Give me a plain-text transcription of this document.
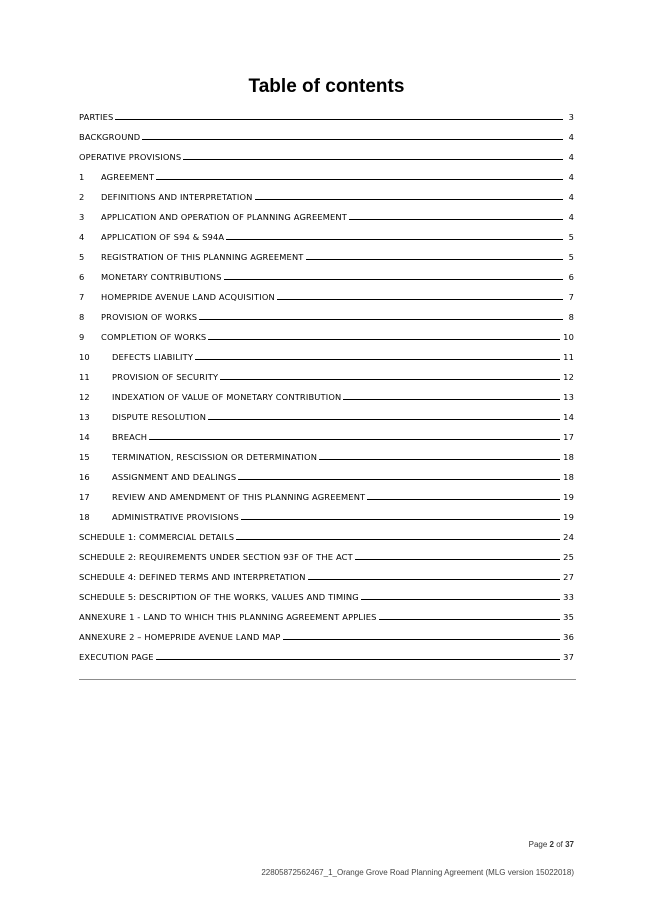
Table of contents
PARTIES	3
BACKGROUND	4
OPERATIVE PROVISIONS	4
1	AGREEMENT	4
2	DEFINITIONS AND INTERPRETATION	4
3	APPLICATION AND OPERATION OF PLANNING AGREEMENT	4
4	APPLICATION OF S94 & S94A	5
5	REGISTRATION OF THIS PLANNING AGREEMENT	5
6	MONETARY CONTRIBUTIONS	6
7	HOMEPRIDE AVENUE LAND ACQUISITION	7
8	PROVISION OF WORKS	8
9	COMPLETION OF WORKS	10
10	DEFECTS LIABILITY	11
11	PROVISION OF SECURITY	12
12	INDEXATION OF VALUE OF MONETARY CONTRIBUTION	13
13	DISPUTE RESOLUTION	14
14	BREACH	17
15	TERMINATION, RESCISSION OR DETERMINATION	18
16	ASSIGNMENT AND DEALINGS	18
17	REVIEW AND AMENDMENT OF THIS PLANNING AGREEMENT	19
18	ADMINISTRATIVE PROVISIONS	19
SCHEDULE 1: COMMERCIAL DETAILS	24
SCHEDULE 2: REQUIREMENTS UNDER SECTION 93F OF THE ACT	25
SCHEDULE 4: DEFINED TERMS AND INTERPRETATION	27
SCHEDULE 5: DESCRIPTION OF THE WORKS, VALUES AND TIMING	33
ANNEXURE 1 - LAND TO WHICH THIS PLANNING AGREEMENT APPLIES	35
ANNEXURE 2 – HOMEPRIDE AVENUE LAND MAP	36
EXECUTION PAGE	37
Page 2 of 37
22805872562467_1_Orange Grove Road Planning Agreement (MLG version 15022018)
